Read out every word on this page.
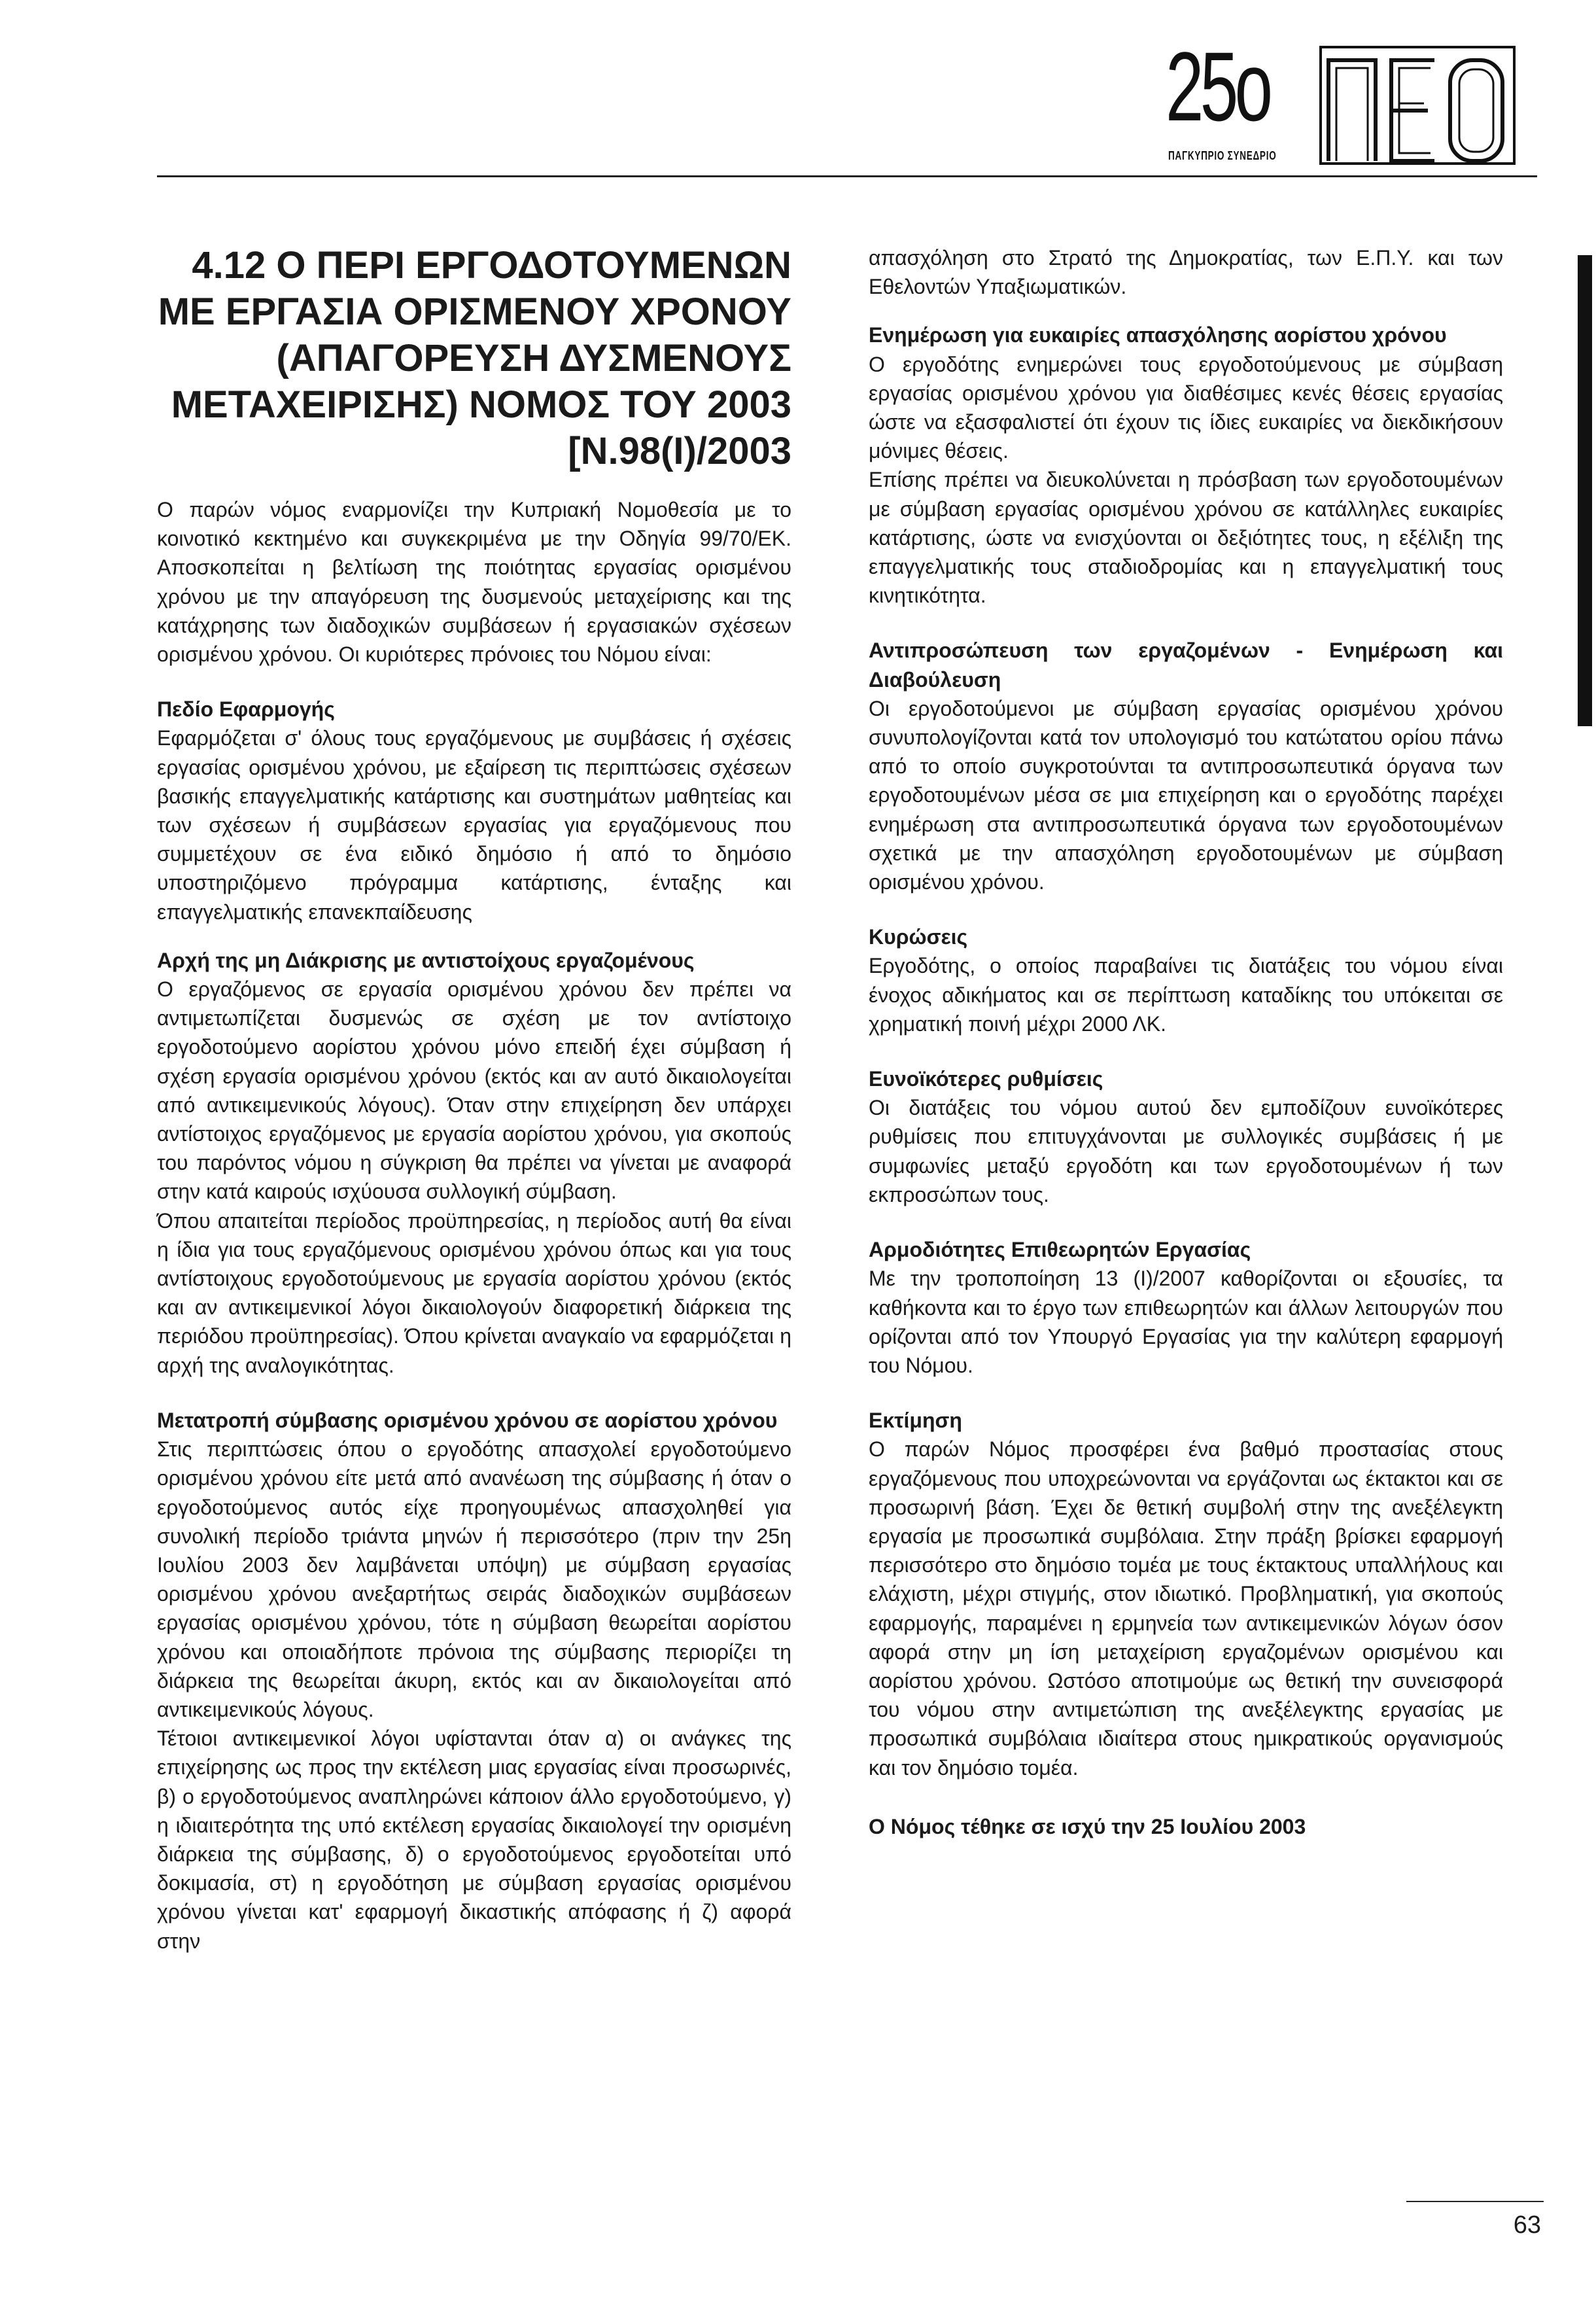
25ο
ΠΑΓΚΥΠΡΙΟ ΣΥΝΕΔΡΙΟ
4.12 Ο ΠΕΡΙ ΕΡΓΟΔΟΤΟΥΜΕΝΩΝ
ΜΕ ΕΡΓΑΣΙΑ ΟΡΙΣΜΕΝΟΥ ΧΡΟΝΟΥ
(ΑΠΑΓΟΡΕΥΣΗ ΔΥΣΜΕΝΟΥΣ
ΜΕΤΑΧΕΙΡΙΣΗΣ) ΝΟΜΟΣ ΤΟΥ 2003
[Ν.98(Ι)/2003

Ο παρών νόμος εναρμονίζει την Κυπριακή Νομοθεσία με το κοινοτικό κεκτημένο και συγκεκριμένα με την Οδηγία 99/70/ΕΚ. Αποσκοπείται η βελτίωση της ποιότητας εργασίας ορισμένου χρόνου με την απαγόρευση της δυσμενούς μεταχείρισης και της κατάχρησης των διαδοχικών συμβάσεων ή εργασιακών σχέσεων ορισμένου χρόνου. Οι κυριότερες πρόνοιες του Νόμου είναι:

Πεδίο Εφαρμογής

Εφαρμόζεται σ' όλους τους εργαζόμενους με συμβάσεις ή σχέσεις εργασίας ορισμένου χρόνου, με εξαίρεση τις περιπτώσεις σχέσεων βασικής επαγγελματικής κατάρτισης και συστημάτων μαθητείας και των σχέσεων ή συμβάσεων εργασίας για εργαζόμενους που συμμετέχουν σε ένα ειδικό δημόσιο ή από το δημόσιο υποστηριζόμενο πρόγραμμα κατάρτισης, ένταξης και επαγγελματικής επανεκπαίδευσης

Αρχή της μη Διάκρισης με αντιστοίχους εργαζομένους

Ο εργαζόμενος σε εργασία ορισμένου χρόνου δεν πρέπει να αντιμετωπίζεται δυσμενώς σε σχέση με τον αντίστοιχο εργοδοτούμενο αορίστου χρόνου μόνο επειδή έχει σύμβαση ή σχέση εργασία ορισμένου χρόνου (εκτός και αν αυτό δικαιολογείται από αντικειμενικούς λόγους). Όταν στην επιχείρηση δεν υπάρχει αντίστοιχος εργαζόμενος με εργασία αορίστου χρόνου, για σκοπούς του παρόντος νόμου η σύγκριση θα πρέπει να γίνεται με αναφορά στην κατά καιρούς ισχύουσα συλλογική σύμβαση.

Όπου απαιτείται περίοδος προϋπηρεσίας, η περίοδος αυτή θα είναι η ίδια για τους εργαζόμενους ορισμένου χρόνου όπως και για τους αντίστοιχους εργοδοτούμενους με εργασία αορίστου χρόνου (εκτός και αν αντικειμενικοί λόγοι δικαιολογούν διαφορετική διάρκεια της περιόδου προϋπηρεσίας). Όπου κρίνεται αναγκαίο να εφαρμόζεται η αρχή της αναλογικότητας.

Μετατροπή σύμβασης ορισμένου χρόνου σε αορίστου χρόνου

Στις περιπτώσεις όπου ο εργοδότης απασχολεί εργοδοτούμενο ορισμένου χρόνου είτε μετά από ανανέωση της σύμβασης ή όταν ο εργοδοτούμενος αυτός είχε προηγουμένως απασχοληθεί για συνολική περίοδο τριάντα μηνών ή περισσότερο (πριν την 25η Ιουλίου 2003 δεν λαμβάνεται υπόψη) με σύμβαση εργασίας ορισμένου χρόνου ανεξαρτήτως σειράς διαδοχικών συμβάσεων εργασίας ορισμένου χρόνου, τότε η σύμβαση θεωρείται αορίστου χρόνου και οποιαδήποτε πρόνοια της σύμβασης περιορίζει τη διάρκεια της θεωρείται άκυρη, εκτός και αν δικαιολογείται από αντικειμενικούς λόγους.

Τέτοιοι αντικειμενικοί λόγοι υφίστανται όταν α) οι ανάγκες της επιχείρησης ως προς την εκτέλεση μιας εργασίας είναι προσωρινές, β) ο εργοδοτούμενος αναπληρώνει κάποιον άλλο εργοδοτούμενο, γ) η ιδιαιτερότητα της υπό εκτέλεση εργασίας δικαιολογεί την ορισμένη διάρκεια της σύμβασης, δ) ο εργοδοτούμενος εργοδοτείται υπό δοκιμασία, στ) η εργοδότηση με σύμβαση εργασίας ορισμένου χρόνου γίνεται κατ' εφαρμογή δικαστικής απόφασης ή ζ) αφορά στην

απασχόληση στο Στρατό της Δημοκρατίας, των Ε.Π.Υ. και των Εθελοντών Υπαξιωματικών.

Ενημέρωση για ευκαιρίες απασχόλησης αορίστου χρόνου

Ο εργοδότης ενημερώνει τους εργοδοτούμενους με σύμβαση εργασίας ορισμένου χρόνου για διαθέσιμες κενές θέσεις εργασίας ώστε να εξασφαλιστεί ότι έχουν τις ίδιες ευκαιρίες να διεκδικήσουν μόνιμες θέσεις.

Επίσης πρέπει να διευκολύνεται η πρόσβαση των εργοδοτουμένων με σύμβαση εργασίας ορισμένου χρόνου σε κατάλληλες ευκαιρίες κατάρτισης, ώστε να ενισχύονται οι δεξιότητες τους, η εξέλιξη της επαγγελματικής τους σταδιοδρομίας και η επαγγελματική τους κινητικότητα.

Αντιπροσώπευση των εργαζομένων - Ενημέρωση και Διαβούλευση

Οι εργοδοτούμενοι με σύμβαση εργασίας ορισμένου χρόνου συνυπολογίζονται κατά τον υπολογισμό του κατώτατου ορίου πάνω από το οποίο συγκροτούνται τα αντιπροσωπευτικά όργανα των εργοδοτουμένων μέσα σε μια επιχείρηση και ο εργοδότης παρέχει ενημέρωση στα αντιπροσωπευτικά όργανα των εργοδοτουμένων σχετικά με την απασχόληση εργοδοτουμένων με σύμβαση ορισμένου χρόνου.

Κυρώσεις

Εργοδότης, ο οποίος παραβαίνει τις διατάξεις του νόμου είναι ένοχος αδικήματος και σε περίπτωση καταδίκης του υπόκειται σε χρηματική ποινή μέχρι 2000 ΛΚ.

Ευνοϊκότερες ρυθμίσεις

Οι διατάξεις του νόμου αυτού δεν εμποδίζουν ευνοϊκότερες ρυθμίσεις που επιτυγχάνονται με συλλογικές συμβάσεις ή με συμφωνίες μεταξύ εργοδότη και των εργοδοτουμένων ή των εκπροσώπων τους.

Αρμοδιότητες Επιθεωρητών Εργασίας

Με την τροποποίηση 13 (Ι)/2007 καθορίζονται οι εξουσίες, τα καθήκοντα και το έργο των επιθεωρητών και άλλων λειτουργών που ορίζονται από τον Υπουργό Εργασίας για την καλύτερη εφαρμογή του Νόμου.

Εκτίμηση

Ο παρών Νόμος προσφέρει ένα βαθμό προστασίας στους εργαζόμενους που υποχρεώνονται να εργάζονται ως έκτακτοι και σε προσωρινή βάση. Έχει δε θετική συμβολή στην της ανεξέλεγκτη εργασία με προσωπικά συμβόλαια. Στην πράξη βρίσκει εφαρμογή περισσότερο στο δημόσιο τομέα με τους έκτακτους υπαλλήλους και ελάχιστη, μέχρι στιγμής, στον ιδιωτικό. Προβληματική, για σκοπούς εφαρμογής, παραμένει η ερμηνεία των αντικειμενικών λόγων όσον αφορά στην μη ίση μεταχείριση εργαζομένων ορισμένου και αορίστου χρόνου. Ωστόσο αποτιμούμε ως θετική την συνεισφορά του νόμου στην αντιμετώπιση της ανεξέλεγκτης εργασίας με προσωπικά συμβόλαια ιδιαίτερα στους ημικρατικούς οργανισμούς και τον δημόσιο τομέα.

Ο Νόμος τέθηκε σε ισχύ την 25 Ιουλίου 2003

63
